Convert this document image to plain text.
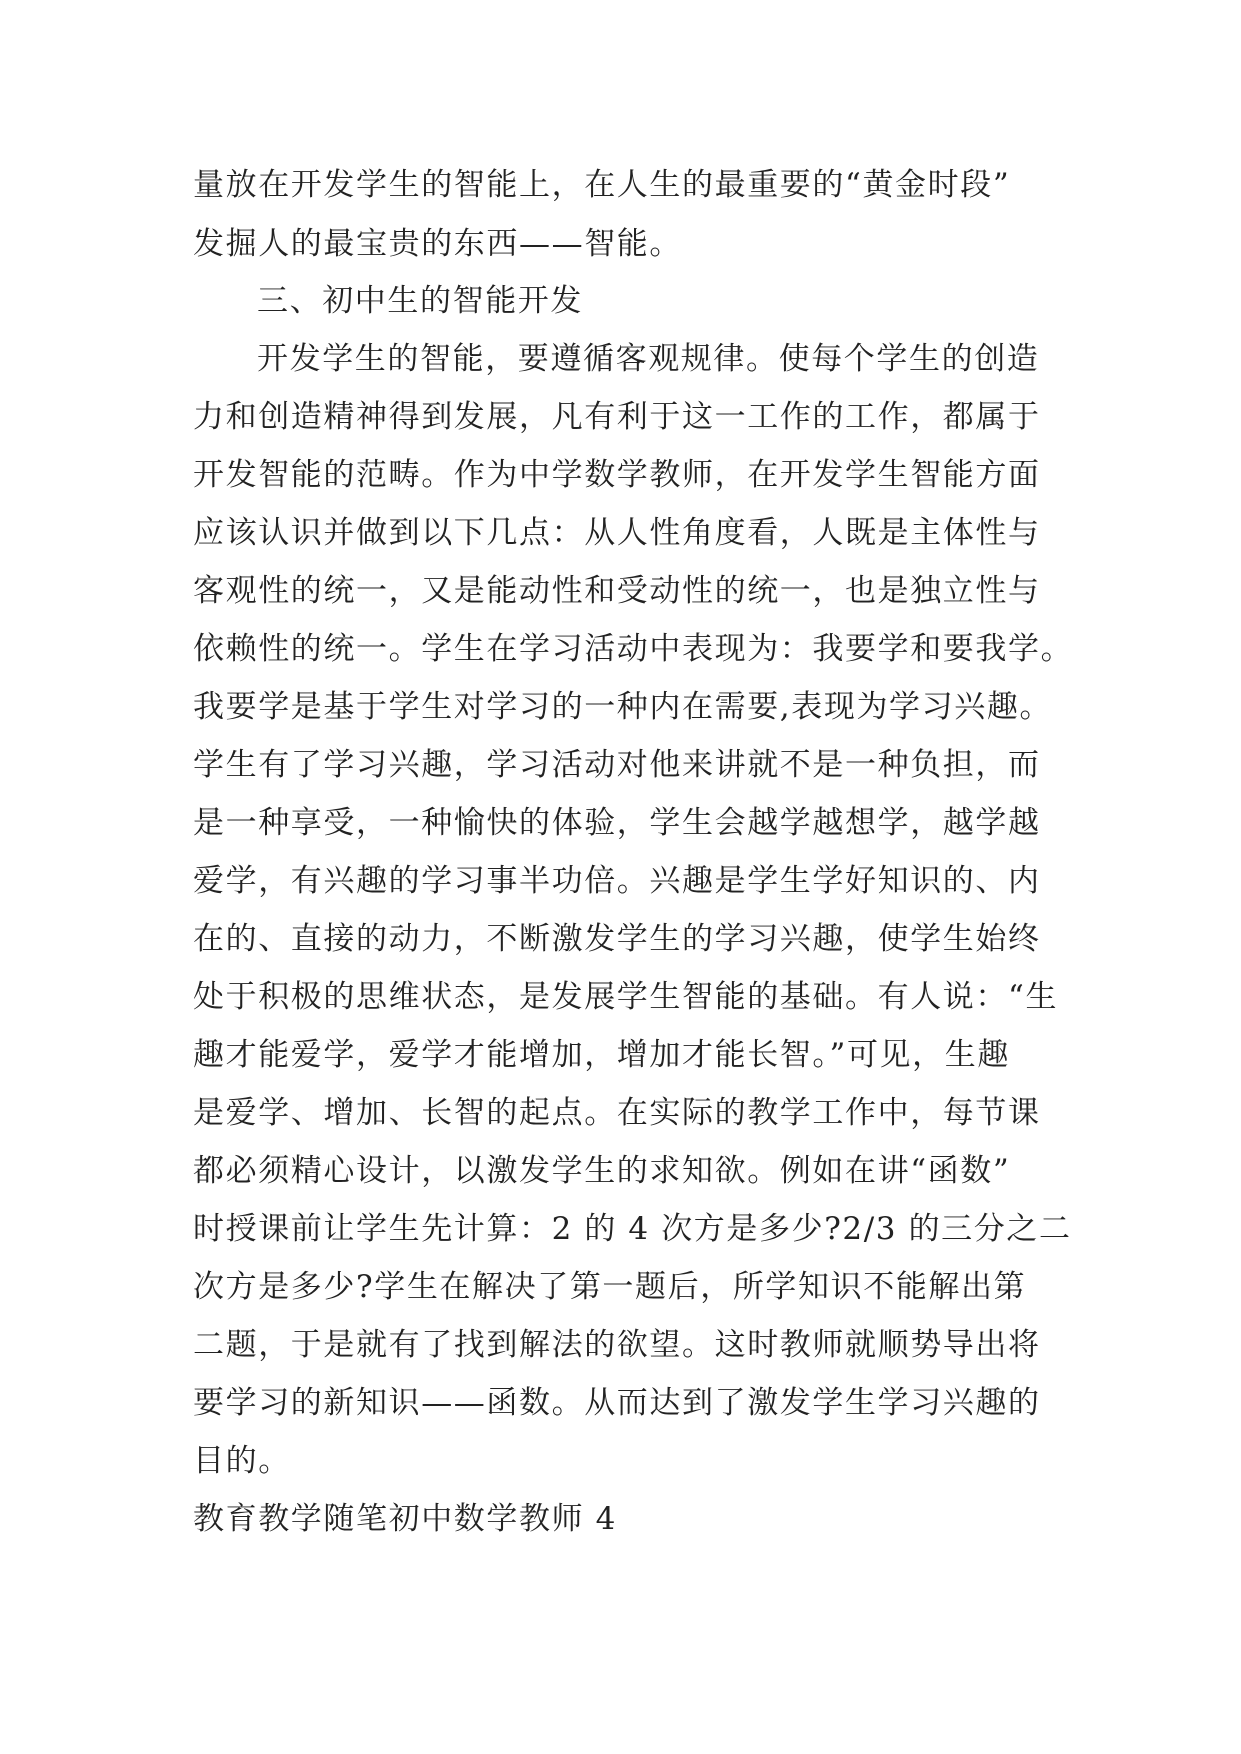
量放在开发学生的智能上，在人生的最重要的“黄金时段”
发掘人的最宝贵的东西——智能。
三、初中生的智能开发
开发学生的智能，要遵循客观规律。使每个学生的创造
力和创造精神得到发展，凡有利于这一工作的工作，都属于
开发智能的范畴。作为中学数学教师，在开发学生智能方面
应该认识并做到以下几点：从人性角度看，人既是主体性与
客观性的统一，又是能动性和受动性的统一，也是独立性与
依赖性的统一。学生在学习活动中表现为：我要学和要我学。
我要学是基于学生对学习的一种内在需要,表现为学习兴趣。
学生有了学习兴趣，学习活动对他来讲就不是一种负担，而
是一种享受，一种愉快的体验，学生会越学越想学，越学越
爱学，有兴趣的学习事半功倍。兴趣是学生学好知识的、内
在的、直接的动力，不断激发学生的学习兴趣，使学生始终
处于积极的思维状态，是发展学生智能的基础。有人说：“生
趣才能爱学，爱学才能增加，增加才能长智。”可见，生趣
是爱学、增加、长智的起点。在实际的教学工作中，每节课
都必须精心设计，以激发学生的求知欲。例如在讲“函数”
时授课前让学生先计算：2 的 4 次方是多少?2/3 的三分之二
次方是多少?学生在解决了第一题后，所学知识不能解出第
二题，于是就有了找到解法的欲望。这时教师就顺势导出将
要学习的新知识——函数。从而达到了激发学生学习兴趣的
目的。
教育教学随笔初中数学教师 4
